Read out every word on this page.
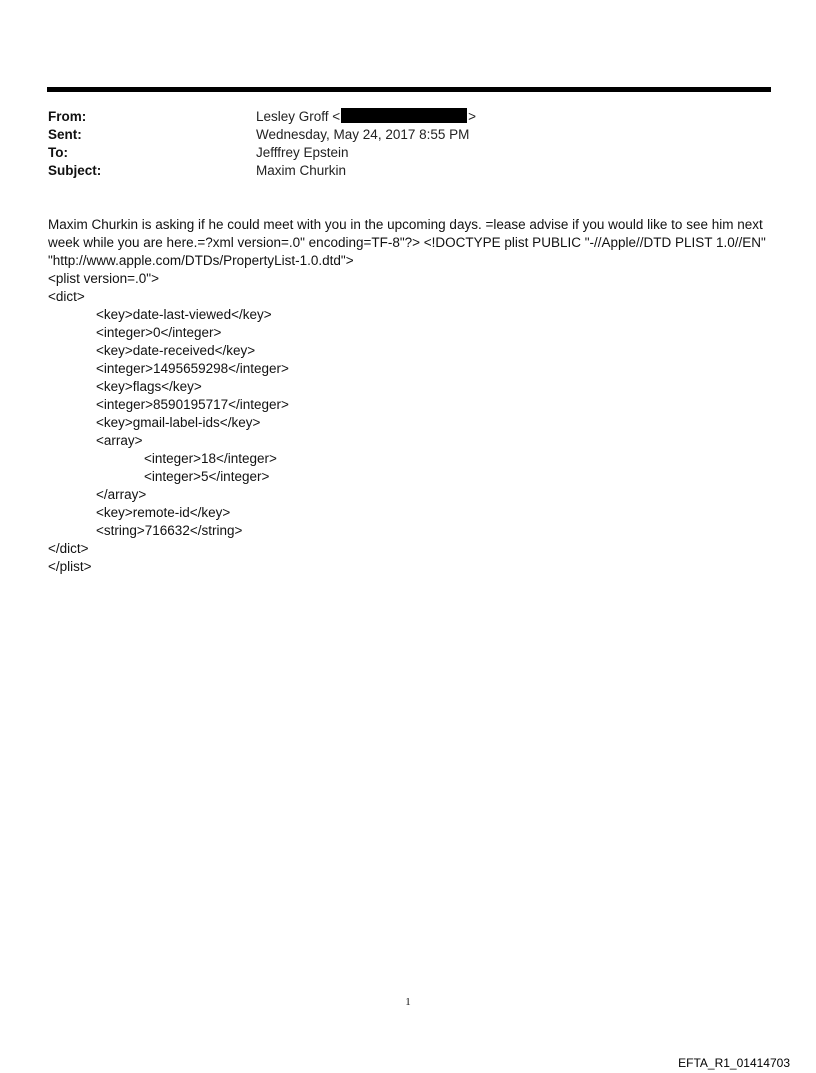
From:	Lesley Groff <	>
Sent:	Wednesday, May 24, 2017 8:55 PM
To:	Jefffrey Epstein
Subject:	Maxim Churkin

Maxim Churkin is asking if he could meet with you in the upcoming days. =lease advise if you would like to see him next week while you are here.=?xml version=.0" encoding=TF-8"?> <!DOCTYPE plist PUBLIC "-//Apple//DTD PLIST 1.0//EN" "http://www.apple.com/DTDs/PropertyList-1.0.dtd">

<plist version=.0">
<dict>
<key>date-last-viewed</key>
<integer>0</integer>
<key>date-received</key>
<integer>1495659298</integer>
<key>flags</key>
<integer>8590195717</integer>
<key>gmail-label-ids</key>
<array>
<integer>18</integer>
<integer>5</integer>
</array>
<key>remote-id</key>
<string>716632</string>
</dict>
</plist>
1
EFTA_R1_01414703
